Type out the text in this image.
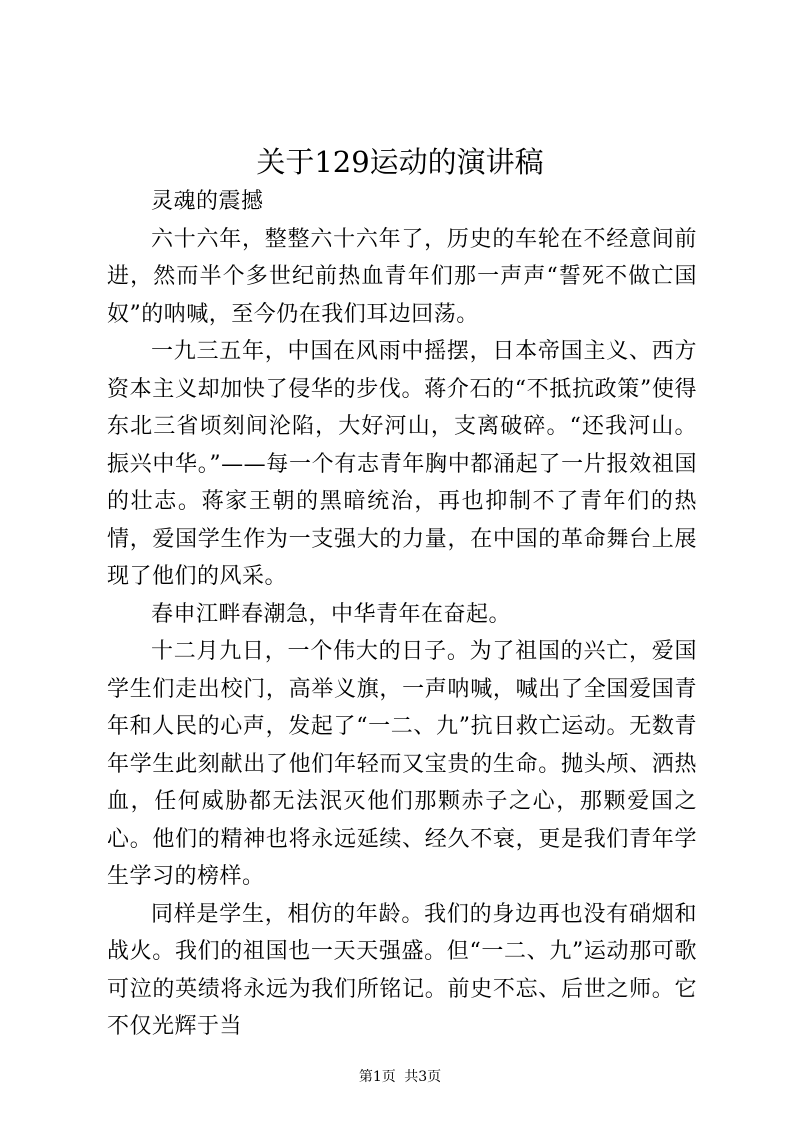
关于129运动的演讲稿

灵魂的震撼

六十六年，整整六十六年了，历史的车轮在不经意间前进，然而半个多世纪前热血青年们那一声声“誓死不做亡国奴”的呐喊，至今仍在我们耳边回荡。

一九三五年，中国在风雨中摇摆，日本帝国主义、西方资本主义却加快了侵华的步伐。蒋介石的“不抵抗政策”使得东北三省顷刻间沦陷，大好河山，支离破碎。“还我河山。振兴中华。”——每一个有志青年胸中都涌起了一片报效祖国的壮志。蒋家王朝的黑暗统治，再也抑制不了青年们的热情，爱国学生作为一支强大的力量，在中国的革命舞台上展现了他们的风采。

春申江畔春潮急，中华青年在奋起。

十二月九日，一个伟大的日子。为了祖国的兴亡，爱国学生们走出校门，高举义旗，一声呐喊，喊出了全国爱国青年和人民的心声，发起了“一二、九”抗日救亡运动。无数青年学生此刻献出了他们年轻而又宝贵的生命。抛头颅、洒热血，任何威胁都无法泯灭他们那颗赤子之心，那颗爱国之心。他们的精神也将永远延续、经久不衰，更是我们青年学生学习的榜样。

同样是学生，相仿的年龄。我们的身边再也没有硝烟和战火。我们的祖国也一天天强盛。但“一二、九”运动那可歌可泣的英绩将永远为我们所铭记。前史不忘、后世之师。它不仅光辉于当

第1页 共3页
